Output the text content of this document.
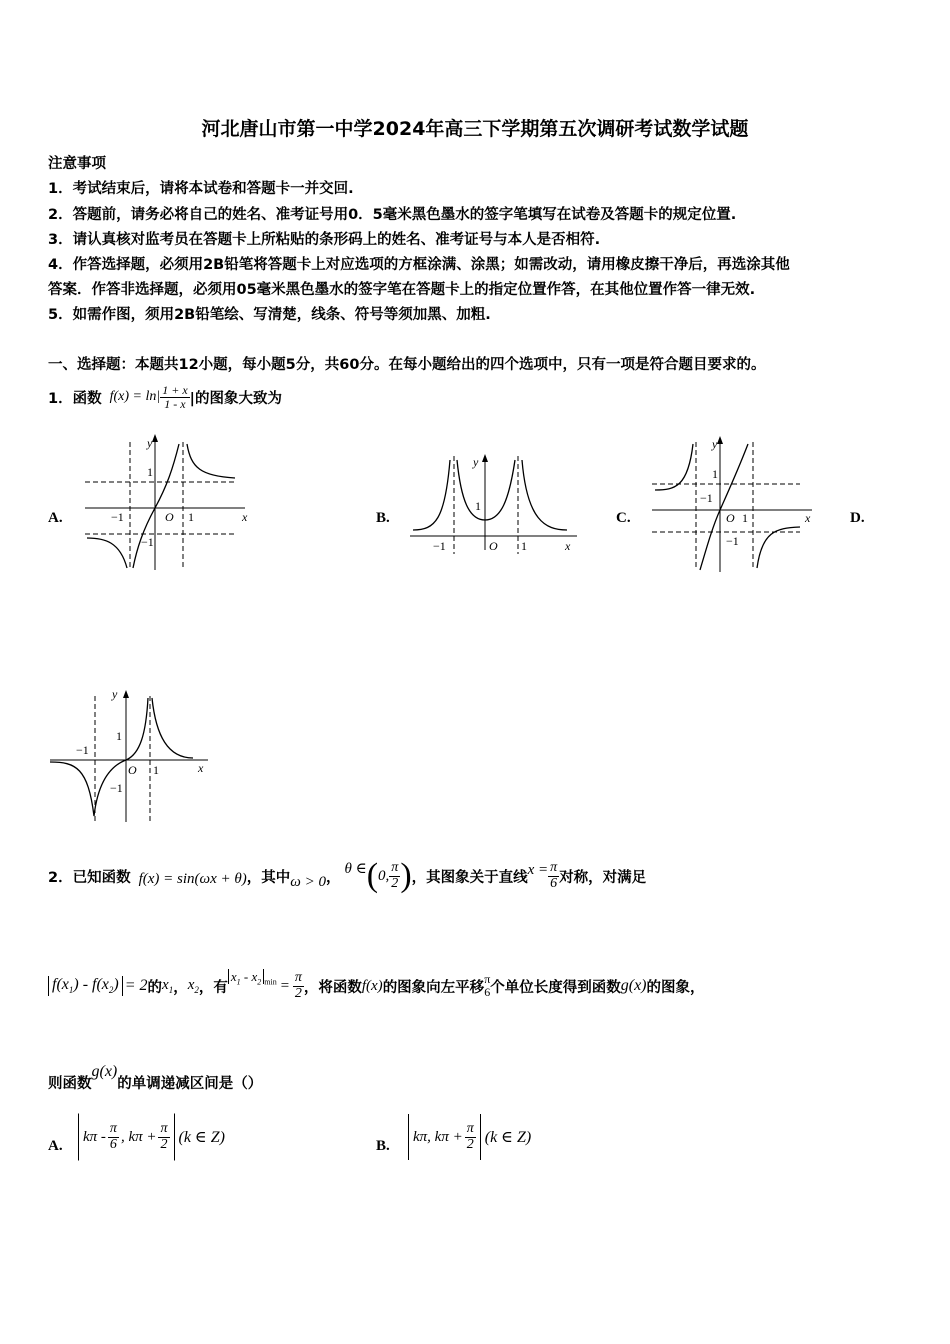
河北唐山市第一中学2024年高三下学期第五次调研考试数学试题
注意事项
1．考试结束后，请将本试卷和答题卡一并交回.
2．答题前，请务必将自己的姓名、准考证号用0．5毫米黑色墨水的签字笔填写在试卷及答题卡的规定位置.
3．请认真核对监考员在答题卡上所粘贴的条形码上的姓名、准考证号与本人是否相符.
4．作答选择题，必须用2B铅笔将答题卡上对应选项的方框涂满、涂黑；如需改动，请用橡皮擦干净后，再选涂其他
答案．作答非选择题，必须用05毫米黑色墨水的签字笔在答题卡上的指定位置作答，在其他位置作答一律无效.
5．如需作图，须用2B铅笔绘、写清楚，线条、符号等须加黑、加粗.
一、选择题：本题共12小题，每小题5分，共60分。在每小题给出的四个选项中，只有一项是符合题目要求的。
1．函数 $f(x) = \ln| \frac{1 + x}{1 - x}$ |的图象大致为
A.	B.	C.	D.
x
y
O 1
−1
1
−1	x
y
O 1
−1
1
x
y
O 1
−1
1
−1
x
y
O 1
−1
1
−1
2．已知函数 f(x) = sin(ωx + θ) ，其中 ω > 0 ，
θ ∈ ( 0, $\frac{\pi}{2}$ ) ，其图象关于直线 $x = \frac{\pi}{6}$ 对称，对满足
$f(x_1) - f(x_2) = 2$ 的 $x_1$ ， $x_2$ ，有
$x_1 - x_2$ $_{min} = \frac{\pi}{2}$ ，将函数 f(x) 的图象向左平移
π
6 个单位长度得到函数 g(x) 的图象，
则函数
g(x)
的单调递减区间是（）
A.
kπ - $\frac{\pi}{6}$ , $k\pi + \frac{\pi}{2} (k$ ∈ Z)	B.
kπ, $k\pi + \frac{\pi}{2} (k$ ∈ Z)
